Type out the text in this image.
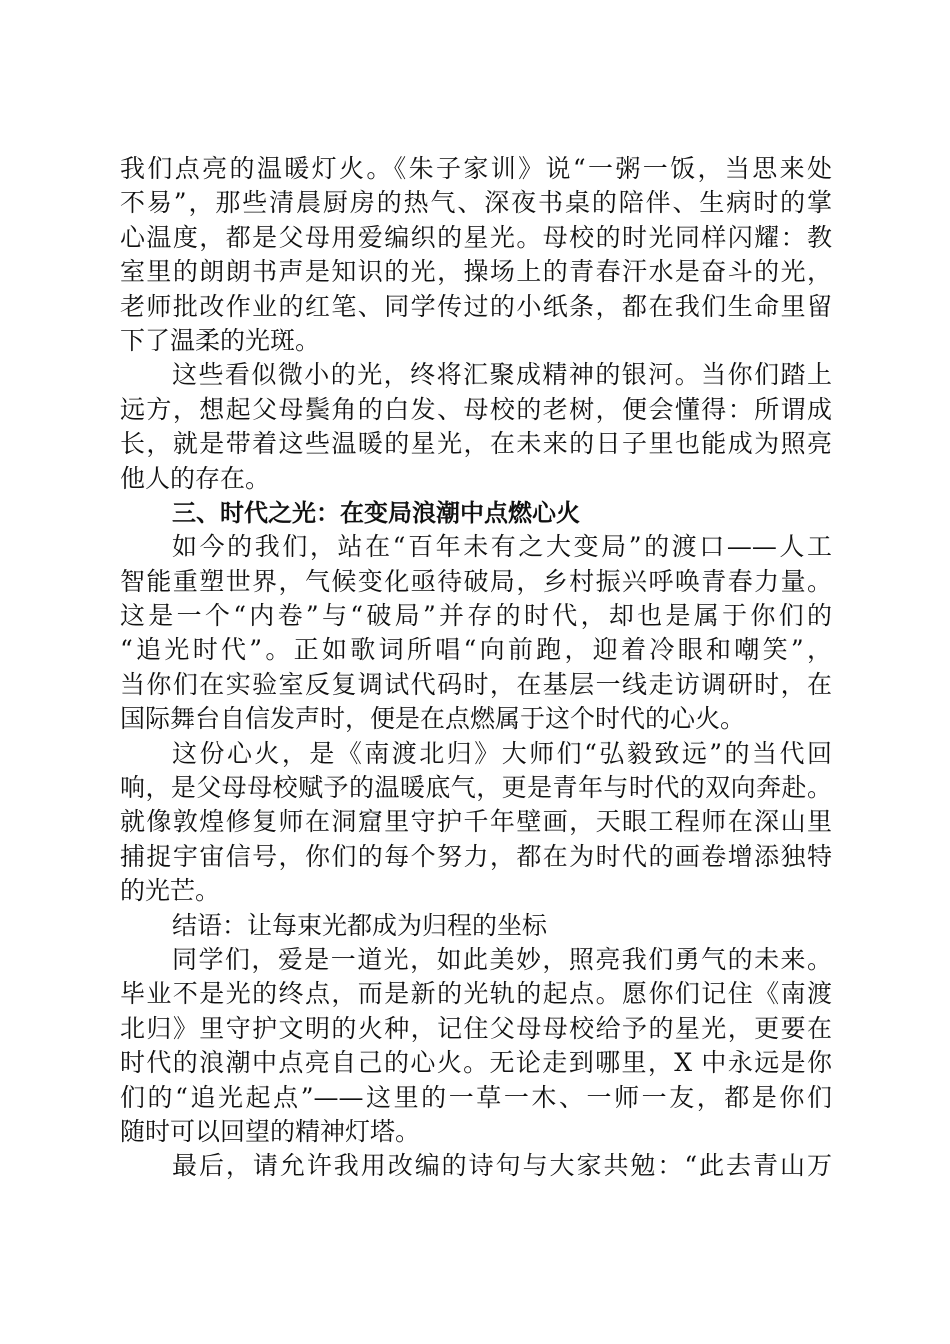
我们点亮的温暖灯火。《朱子家训》说“一粥一饭，当思来处
不易”，那些清晨厨房的热气、深夜书桌的陪伴、生病时的掌
心温度，都是父母用爱编织的星光。母校的时光同样闪耀：教
室里的朗朗书声是知识的光，操场上的青春汗水是奋斗的光，
老师批改作业的红笔、同学传过的小纸条，都在我们生命里留
下了温柔的光斑。
这些看似微小的光，终将汇聚成精神的银河。当你们踏上
远方，想起父母鬓角的白发、母校的老树，便会懂得：所谓成
长，就是带着这些温暖的星光，在未来的日子里也能成为照亮
他人的存在。
三、时代之光：在变局浪潮中点燃心火
如今的我们，站在“百年未有之大变局”的渡口——人工
智能重塑世界，气候变化亟待破局，乡村振兴呼唤青春力量。
这是一个“内卷”与“破局”并存的时代，却也是属于你们的
“追光时代”。正如歌词所唱“向前跑，迎着冷眼和嘲笑”，
当你们在实验室反复调试代码时，在基层一线走访调研时，在
国际舞台自信发声时，便是在点燃属于这个时代的心火。
这份心火，是《南渡北归》大师们“弘毅致远”的当代回
响，是父母母校赋予的温暖底气，更是青年与时代的双向奔赴。
就像敦煌修复师在洞窟里守护千年壁画，天眼工程师在深山里
捕捉宇宙信号，你们的每个努力，都在为时代的画卷增添独特
的光芒。
结语：让每束光都成为归程的坐标
同学们，爱是一道光，如此美妙，照亮我们勇气的未来。
毕业不是光的终点，而是新的光轨的起点。愿你们记住《南渡
北归》里守护文明的火种，记住父母母校给予的星光，更要在
时代的浪潮中点亮自己的心火。无论走到哪里，X 中永远是你
们的“追光起点”——这里的一草一木、一师一友，都是你们
随时可以回望的精神灯塔。
最后，请允许我用改编的诗句与大家共勉：“此去青山万
